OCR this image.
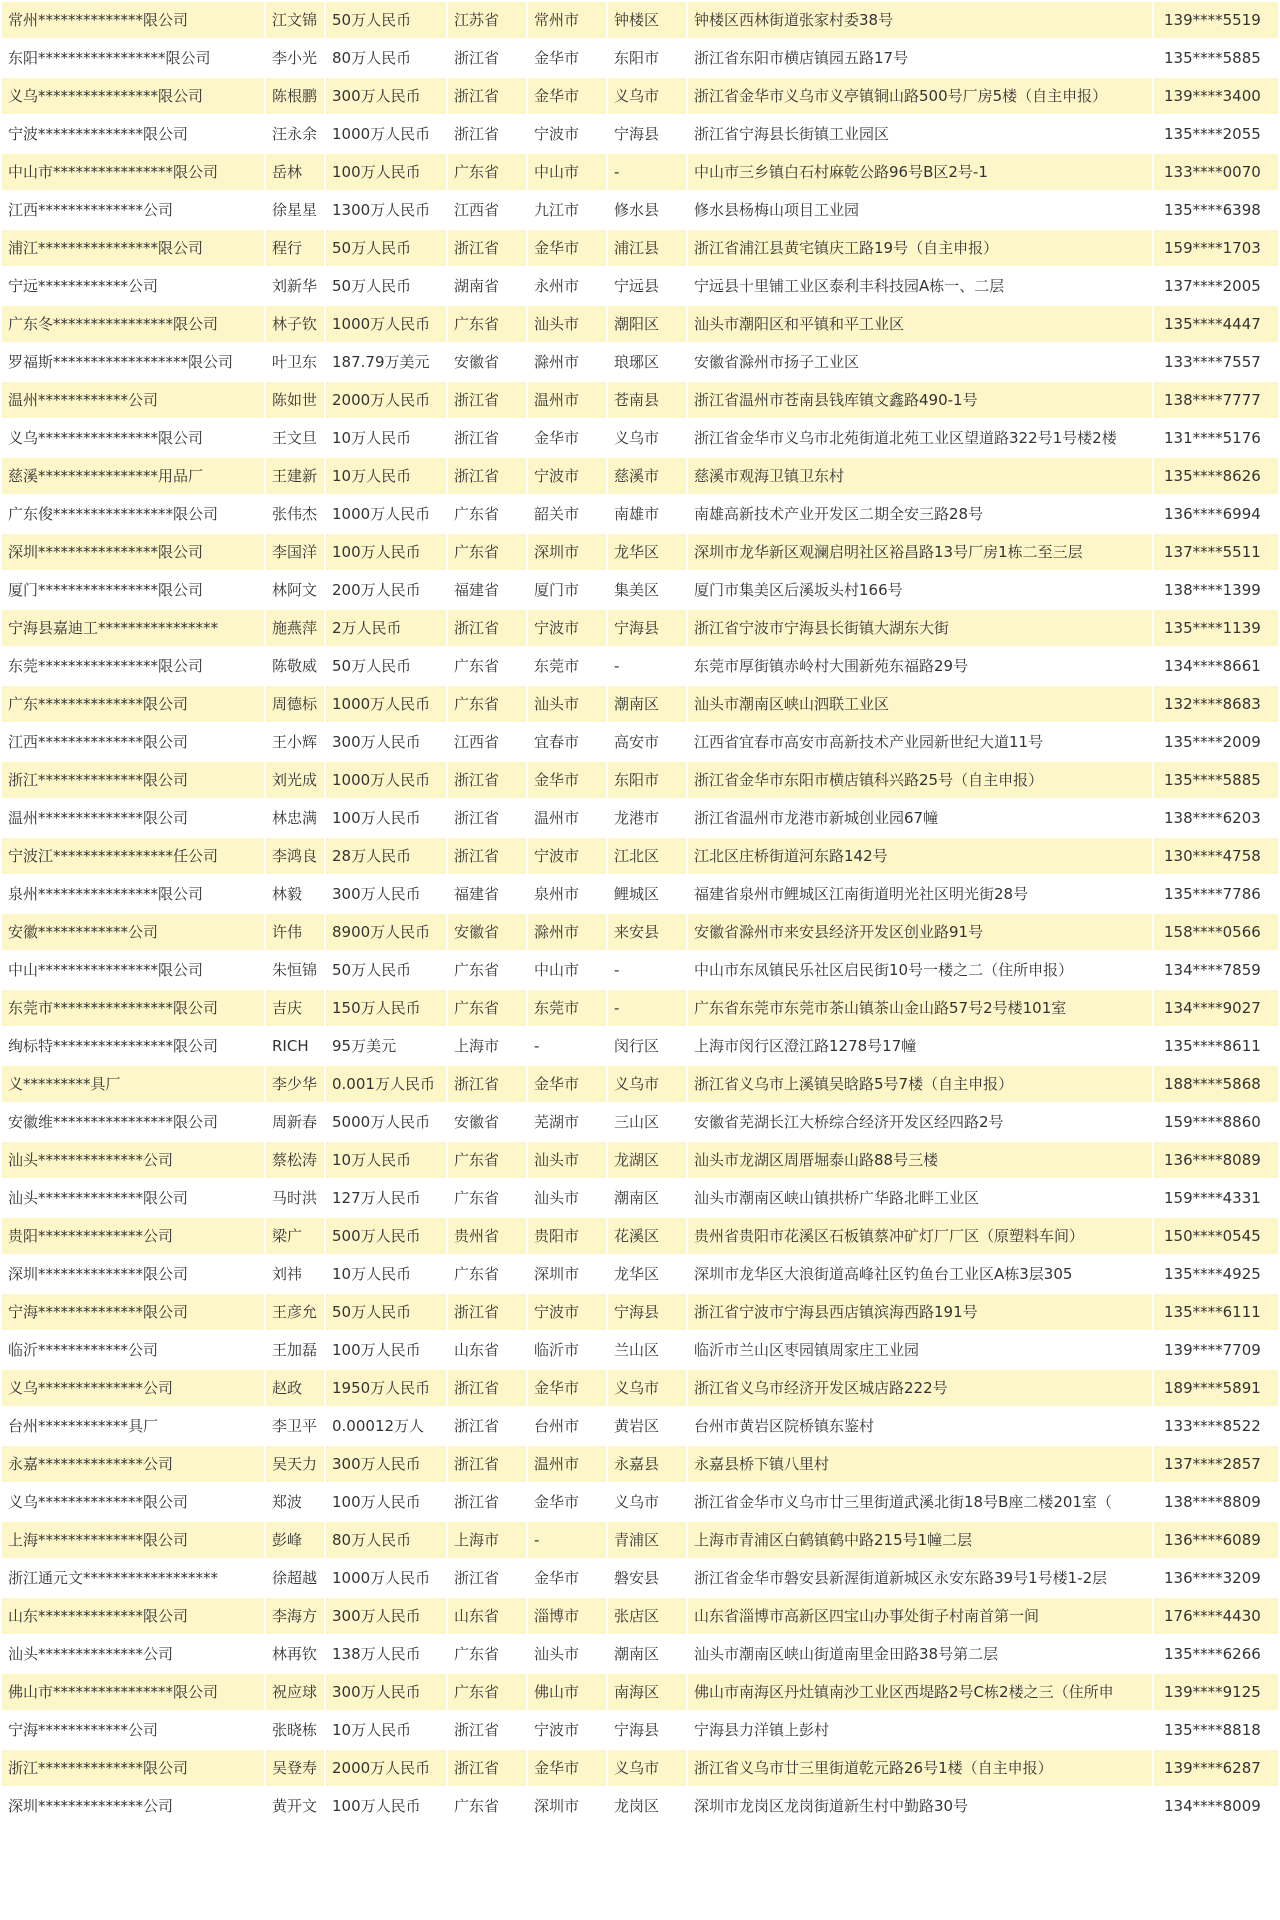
常州**************限公司	江文锦	50万人民币	江苏省	常州市	钟楼区	钟楼区西林街道张家村委38号	139****5519
东阳*****************限公司	李小光	80万人民币	浙江省	金华市	东阳市	浙江省东阳市横店镇园五路17号	135****5885
义乌****************限公司	陈根鹏	300万人民币	浙江省	金华市	义乌市	浙江省金华市义乌市义亭镇铜山路500号厂房5楼（自主申报）	139****3400
宁波**************限公司	汪永余	1000万人民币	浙江省	宁波市	宁海县	浙江省宁海县长街镇工业园区	135****2055
中山市****************限公司	岳林	100万人民币	广东省	中山市	-	中山市三乡镇白石村麻乾公路96号B区2号-1	133****0070
江西**************公司	徐星星	1300万人民币	江西省	九江市	修水县	修水县杨梅山项目工业园	135****6398
浦江****************限公司	程行	50万人民币	浙江省	金华市	浦江县	浙江省浦江县黄宅镇庆工路19号（自主申报）	159****1703
宁远************公司	刘新华	50万人民币	湖南省	永州市	宁远县	宁远县十里铺工业区泰利丰科技园A栋一、二层	137****2005
广东冬****************限公司	林子钦	1000万人民币	广东省	汕头市	潮阳区	汕头市潮阳区和平镇和平工业区	135****4447
罗福斯******************限公司	叶卫东	187.79万美元	安徽省	滁州市	琅琊区	安徽省滁州市扬子工业区	133****7557
温州************公司	陈如世	2000万人民币	浙江省	温州市	苍南县	浙江省温州市苍南县钱库镇文鑫路490-1号	138****7777
义乌****************限公司	王文旦	10万人民币	浙江省	金华市	义乌市	浙江省金华市义乌市北苑街道北苑工业区望道路322号1号楼2楼	131****5176
慈溪****************用品厂	王建新	10万人民币	浙江省	宁波市	慈溪市	慈溪市观海卫镇卫东村	135****8626
广东俊****************限公司	张伟杰	1000万人民币	广东省	韶关市	南雄市	南雄高新技术产业开发区二期全安三路28号	136****6994
深圳****************限公司	李国洋	100万人民币	广东省	深圳市	龙华区	深圳市龙华新区观澜启明社区裕昌路13号厂房1栋二至三层	137****5511
厦门****************限公司	林阿文	200万人民币	福建省	厦门市	集美区	厦门市集美区后溪坂头村166号	138****1399
宁海县嘉迪工****************	施燕萍	2万人民币	浙江省	宁波市	宁海县	浙江省宁波市宁海县长街镇大湖东大街	135****1139
东莞****************限公司	陈敬威	50万人民币	广东省	东莞市	-	东莞市厚街镇赤岭村大围新苑东福路29号	134****8661
广东**************限公司	周德标	1000万人民币	广东省	汕头市	潮南区	汕头市潮南区峡山泗联工业区	132****8683
江西**************限公司	王小辉	300万人民币	江西省	宜春市	高安市	江西省宜春市高安市高新技术产业园新世纪大道11号	135****2009
浙江**************限公司	刘光成	1000万人民币	浙江省	金华市	东阳市	浙江省金华市东阳市横店镇科兴路25号（自主申报）	135****5885
温州**************限公司	林忠满	100万人民币	浙江省	温州市	龙港市	浙江省温州市龙港市新城创业园67幢	138****6203
宁波江****************任公司	李鸿良	28万人民币	浙江省	宁波市	江北区	江北区庄桥街道河东路142号	130****4758
泉州****************限公司	林毅	300万人民币	福建省	泉州市	鲤城区	福建省泉州市鲤城区江南街道明光社区明光街28号	135****7786
安徽************公司	许伟	8900万人民币	安徽省	滁州市	来安县	安徽省滁州市来安县经济开发区创业路91号	158****0566
中山****************限公司	朱恒锦	50万人民币	广东省	中山市	-	中山市东凤镇民乐社区启民街10号一楼之二（住所申报）	134****7859
东莞市****************限公司	吉庆	150万人民币	广东省	东莞市	-	广东省东莞市东莞市茶山镇茶山金山路57号2号楼101室	134****9027
绚标特****************限公司	RICH	95万美元	上海市	-	闵行区	上海市闵行区澄江路1278号17幢	135****8611
义*********具厂	李少华	0.001万人民币	浙江省	金华市	义乌市	浙江省义乌市上溪镇吴晗路5号7楼（自主申报）	188****5868
安徽维****************限公司	周新春	5000万人民币	安徽省	芜湖市	三山区	安徽省芜湖长江大桥综合经济开发区经四路2号	159****8860
汕头**************公司	蔡松涛	10万人民币	广东省	汕头市	龙湖区	汕头市龙湖区周厝堀泰山路88号三楼	136****8089
汕头**************限公司	马时洪	127万人民币	广东省	汕头市	潮南区	汕头市潮南区峡山镇拱桥广华路北畔工业区	159****4331
贵阳**************公司	梁广	500万人民币	贵州省	贵阳市	花溪区	贵州省贵阳市花溪区石板镇蔡冲矿灯厂厂区（原塑料车间）	150****0545
深圳**************限公司	刘祎	10万人民币	广东省	深圳市	龙华区	深圳市龙华区大浪街道高峰社区钓鱼台工业区A栋3层305	135****4925
宁海**************限公司	王彦允	50万人民币	浙江省	宁波市	宁海县	浙江省宁波市宁海县西店镇滨海西路191号	135****6111
临沂************公司	王加磊	100万人民币	山东省	临沂市	兰山区	临沂市兰山区枣园镇周家庄工业园	139****7709
义乌**************公司	赵政	1950万人民币	浙江省	金华市	义乌市	浙江省义乌市经济开发区城店路222号	189****5891
台州************具厂	李卫平	0.00012万人	浙江省	台州市	黄岩区	台州市黄岩区院桥镇东鉴村	133****8522
永嘉**************公司	吴天力	300万人民币	浙江省	温州市	永嘉县	永嘉县桥下镇八里村	137****2857
义乌**************限公司	郑波	100万人民币	浙江省	金华市	义乌市	浙江省金华市义乌市廿三里街道武溪北街18号B座二楼201室（	138****8809
上海**************限公司	彭峰	80万人民币	上海市	-	青浦区	上海市青浦区白鹤镇鹤中路215号1幢二层	136****6089
浙江通元文******************	徐超越	1000万人民币	浙江省	金华市	磐安县	浙江省金华市磐安县新渥街道新城区永安东路39号1号楼1-2层	136****3209
山东**************限公司	李海方	300万人民币	山东省	淄博市	张店区	山东省淄博市高新区四宝山办事处街子村南首第一间	176****4430
汕头**************公司	林再钦	138万人民币	广东省	汕头市	潮南区	汕头市潮南区峡山街道南里金田路38号第二层	135****6266
佛山市****************限公司	祝应球	300万人民币	广东省	佛山市	南海区	佛山市南海区丹灶镇南沙工业区西堤路2号C栋2楼之三（住所申	139****9125
宁海************公司	张晓栋	10万人民币	浙江省	宁波市	宁海县	宁海县力洋镇上彭村	135****8818
浙江**************限公司	吴登寿	2000万人民币	浙江省	金华市	义乌市	浙江省义乌市廿三里街道乾元路26号1楼（自主申报）	139****6287
深圳**************公司	黄开文	100万人民币	广东省	深圳市	龙岗区	深圳市龙岗区龙岗街道新生村中勤路30号	134****8009
